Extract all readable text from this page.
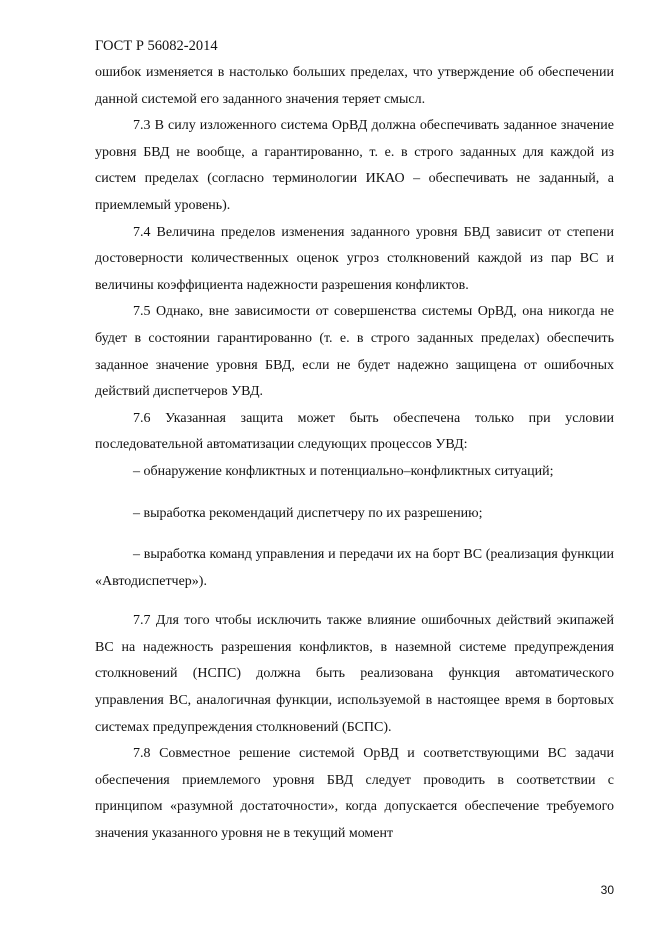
ГОСТ Р 56082-2014

ошибок изменяется в настолько больших пределах, что утверждение об обеспечении данной системой его заданного значения теряет смысл.

7.3 В силу изложенного система ОрВД должна обеспечивать заданное значение уровня БВД не вообще, а гарантированно, т. е. в строго заданных для каждой из систем пределах (согласно терминологии ИКАО – обеспечивать не заданный, а приемлемый уровень).

7.4 Величина пределов изменения заданного уровня БВД зависит от степени достоверности количественных оценок угроз столкновений каждой из пар ВС и величины коэффициента надежности разрешения конфликтов.

7.5 Однако, вне зависимости от совершенства системы ОрВД, она никогда не будет в состоянии гарантированно (т. е. в строго заданных пределах) обеспечить заданное значение уровня БВД, если не будет надежно защищена от ошибочных действий диспетчеров УВД.

7.6 Указанная защита может быть обеспечена только при условии последовательной автоматизации следующих процессов УВД:

– обнаружение конфликтных и потенциально–конфликтных ситуаций;

– выработка рекомендаций диспетчеру по их разрешению;

– выработка команд управления и передачи их на борт ВС (реализация функции «Автодиспетчер»).

7.7 Для того чтобы исключить также влияние ошибочных действий экипажей ВС на надежность разрешения конфликтов, в наземной системе предупреждения столкновений (НСПС) должна быть реализована функция автоматического управления ВС, аналогичная функции, используемой в настоящее время в бортовых системах предупреждения столкновений (БСПС).

7.8 Совместное решение системой ОрВД и соответствующими ВС задачи обеспечения приемлемого уровня БВД следует проводить в соответствии с принципом «разумной достаточности», когда допускается обеспечение требуемого значения указанного уровня не в текущий момент

30
